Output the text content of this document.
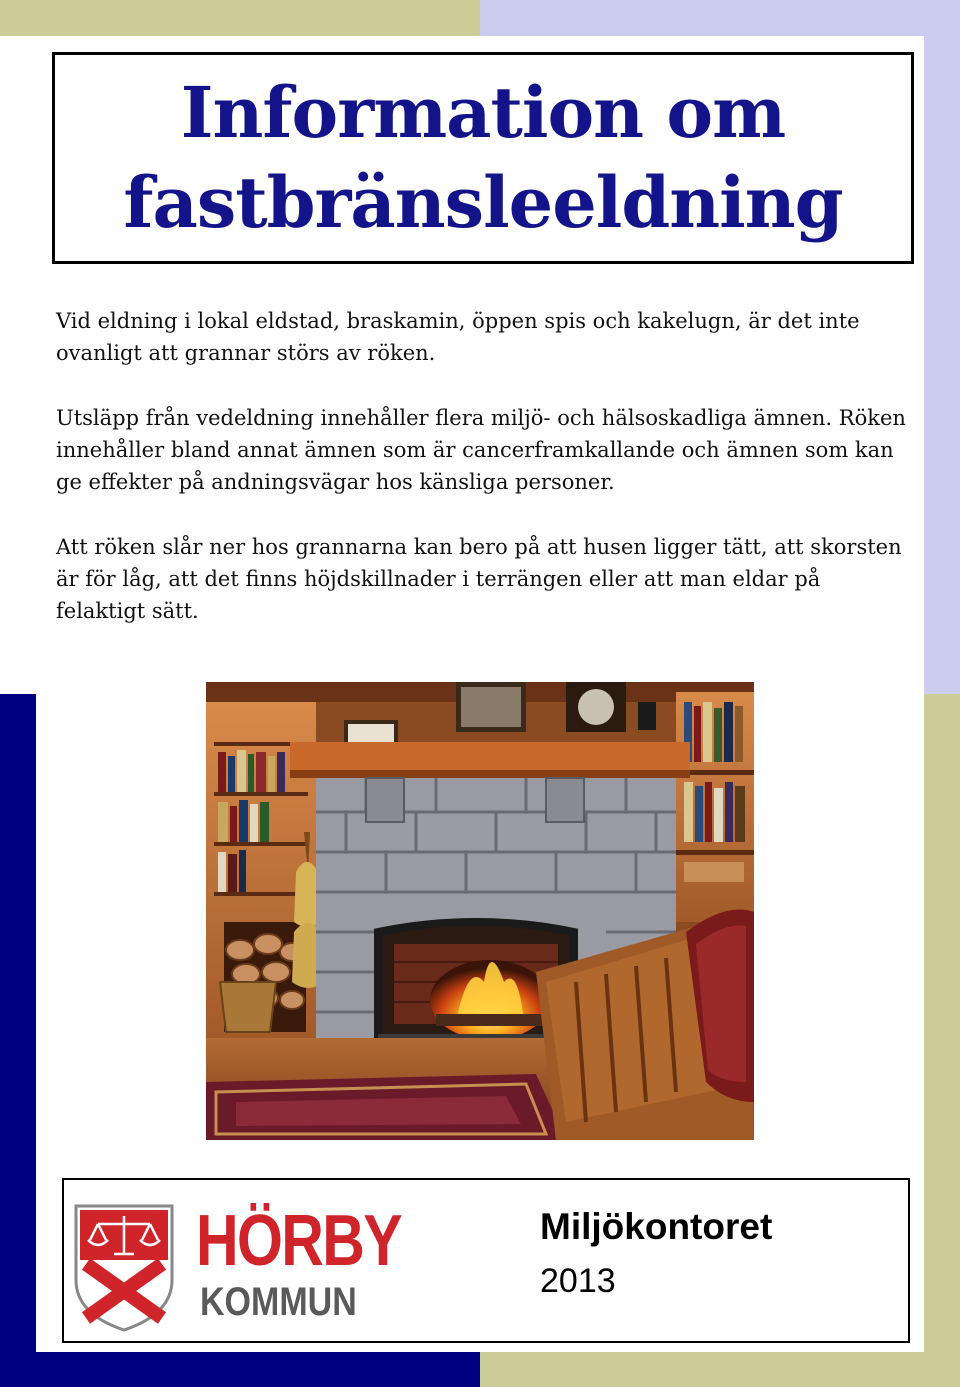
Information om
fastbränsleeldning

Vid eldning i lokal eldstad, braskamin, öppen spis och kakelugn, är det inte ovanligt att grannar störs av röken.

Utsläpp från vedeldning innehåller flera miljö- och hälsoskadliga ämnen. Röken innehåller bland annat ämnen som är cancerframkallande och ämnen som kan ge effekter på andningsvägar hos känsliga personer.

Att röken slår ner hos grannarna kan bero på att husen ligger tätt, att skorsten är för låg, att det finns höjdskillnader i terrängen eller att man eldar på felaktigt sätt.

HÖRBY
KOMMUN
Miljökontoret
2013
